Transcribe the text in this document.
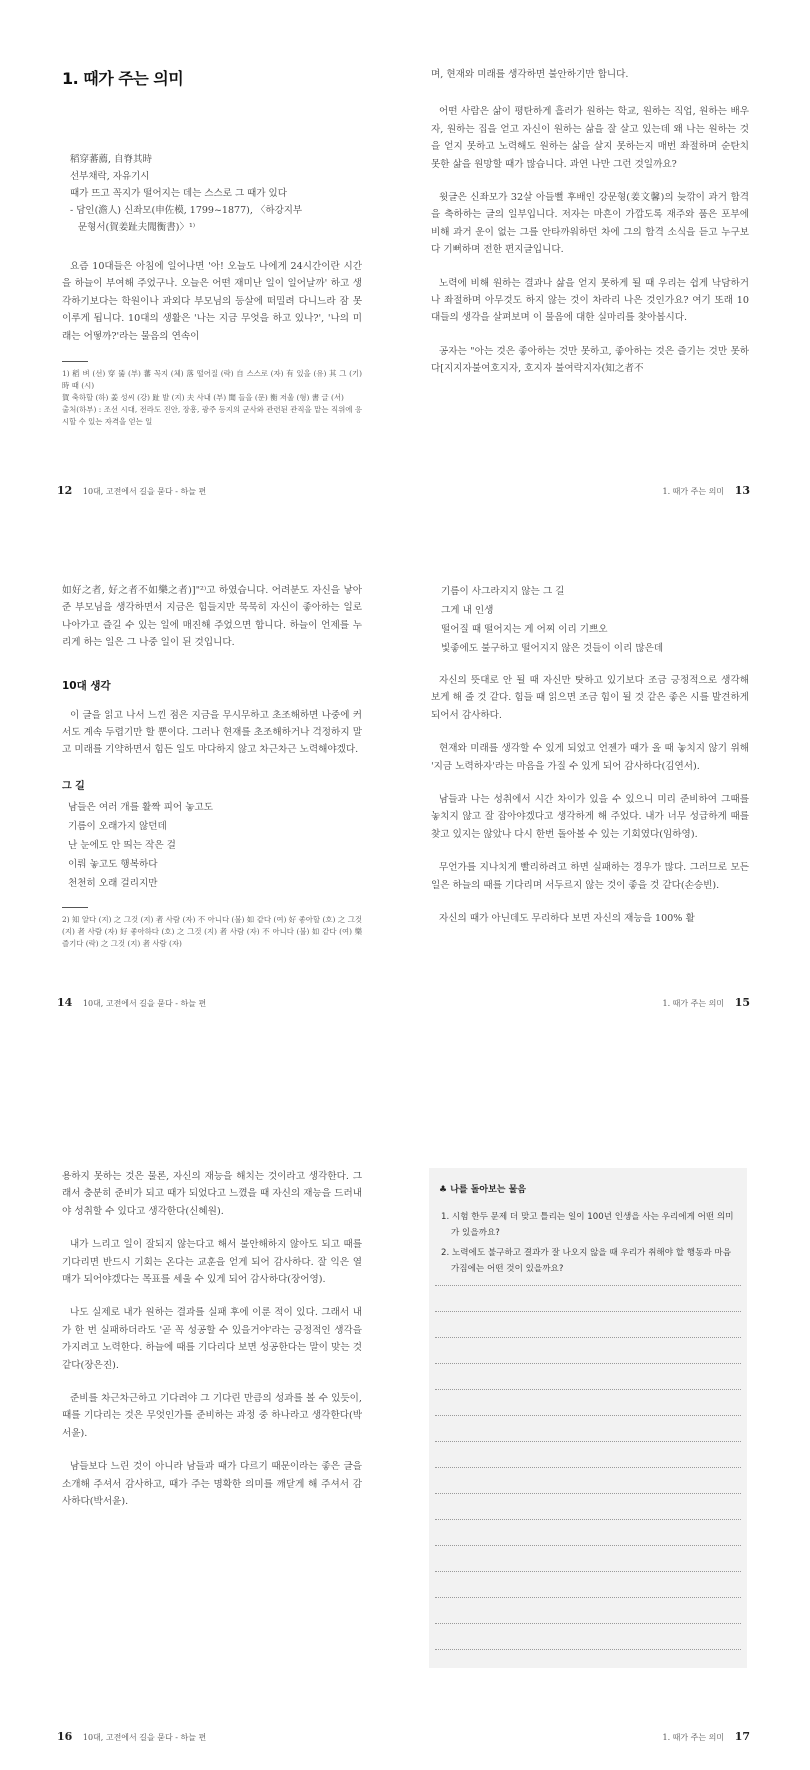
1. 때가 주는 의미
稻穿蕃薦, 自脊其時
선부채락, 자유기시
때가 뜨고 꼭지가 떨어지는 데는 스스로 그 때가 있다
- 담인(澹人) 신좌모(申佐模, 1799~1877), 〈하강지부
문형서(賀姜趾夫聞衡書)〉¹⁾

요즘 10대들은 아침에 일어나면 '아! 오늘도 나에게 24시간이란 시간을 하늘이 부여해 주었구나. 오늘은 어떤 재미난 일이 일어날까' 하고 생각하기보다는 학원이나 과외다 부모님의 등살에 떠밀려 다니느라 잠 못 이루게 됩니다. 10대의 생활은 '나는 지금 무엇을 하고 있나?', '나의 미래는 어떻까?'라는 물음의 연속이

1) 稻 벼 (선) 穿 뚫 (부) 蕃 꼭지 (체) 落 떨어질 (락) 自 스스로 (자) 有 있을 (유) 其 그 (기) 時 때 (시)

賀 축하할 (하) 姜 성씨 (강) 趾 발 (지) 夫 사내 (부) 聞 들을 (문) 衡 저울 (형) 書 글 (서)

출처(하부) : 조선 시대, 전라도 진안, 장흥, 광주 등지의 군사와 관련된 관직을 맡는 직위에 응시할 수 있는 자격을 얻는 일

12 10대, 고전에서 길을 묻다 - 하늘 편

며, 현재와 미래를 생각하면 불안하기만 합니다.

어떤 사람은 삶이 평탄하게 흘러가 원하는 학교, 원하는 직업, 원하는 배우자, 원하는 집을 얻고 자신이 원하는 삶을 잘 살고 있는데 왜 나는 원하는 것을 얻지 못하고 노력해도 원하는 삶을 살지 못하는지 매번 좌절하며 순탄치 못한 삶을 원망할 때가 많습니다. 과연 나만 그런 것일까요?

윗글은 신좌모가 32살 아들뻘 후배인 강문형(姜文馨)의 늦깎이 과거 합격을 축하하는 글의 일부입니다. 저자는 마흔이 가깝도록 재주와 품은 포부에 비해 과거 운이 없는 그를 안타까워하던 차에 그의 합격 소식을 듣고 누구보다 기뻐하며 전한 편지글입니다.

노력에 비해 원하는 결과나 삶을 얻지 못하게 될 때 우리는 쉽게 낙담하거나 좌절하며 아무것도 하지 않는 것이 차라리 나은 것인가요? 여기 또래 10대들의 생각을 살펴보며 이 물음에 대한 실마리를 찾아봅시다.

공자는 "아는 것은 좋아하는 것만 못하고, 좋아하는 것은 즐기는 것만 못하다[지지자불여호지자, 호지자 불여락지자(知之者不

1. 때가 주는 의미 13

如好之者, 好之者不如樂之者)]"²⁾고 하였습니다. 어려분도 자신을 낳아 준 부모님을 생각하면서 지금은 힘들지만 묵묵히 자신이 좋아하는 일로 나아가고 즐길 수 있는 일에 매진해 주었으면 합니다. 하늘이 언제를 누리게 하는 일은 그 나중 일이 된 것입니다.

10대 생각

이 글을 읽고 나서 느낀 점은 지금을 무시무하고 초조해하면 나중에 커서도 계속 두렵기만 할 뿐이다. 그러나 현재를 초조해하거나 걱정하지 말고 미래를 기약하면서 힘든 일도 마다하지 않고 차근차근 노력해야겠다.

그 길
남들은 여러 개를 활짝 피어 놓고도
기름이 오래가지 않던데
난 눈에도 안 띄는 작은 걸
이뤄 놓고도 행복하다
천천히 오래 걸리지만

2) 知 알다 (지) 之 그것 (지) 者 사람 (자) 不 아니다 (불) 如 같다 (여) 好 좋아할 (호) 之 그것 (지) 者 사람 (자) 好 좋아하다 (호) 之 그것 (지) 者 사람 (자) 不 아니다 (불) 如 같다 (여) 樂 즐기다 (락) 之 그것 (지) 者 사람 (자)

14 10대, 고전에서 길을 묻다 - 하늘 편
기름이 사그라지지 않는 그 길
그게 내 인생
떨어질 때 떨어지는 게 어찌 이리 기쁘오
빛좋에도 불구하고 떨어지지 않은 것들이 이리 많은데

자신의 뜻대로 안 될 때 자신만 탓하고 있기보다 조금 긍정적으로 생각해 보게 해 줄 것 같다. 힘들 때 읽으면 조금 힘이 될 것 같은 좋은 시를 발견하게 되어서 감사하다.

현재와 미래를 생각할 수 있게 되었고 언젠가 때가 올 때 놓치지 않기 위해 '지금 노력하자'라는 마음을 가질 수 있게 되어 감사하다(김연서).

남들과 나는 성취에서 시간 차이가 있을 수 있으니 미리 준비하여 그때를 놓치지 않고 잘 잡아야겠다고 생각하게 해 주었다. 내가 너무 성급하게 때를 찾고 있지는 않았나 다시 한번 돌아볼 수 있는 기회였다(임하영).

무언가를 지나치게 빨리하려고 하면 실패하는 경우가 많다. 그러므로 모든 일은 하늘의 때를 기다리며 서두르지 않는 것이 좋을 것 같다(손승빈).

자신의 때가 아닌데도 무리하다 보면 자신의 재능을 100% 활

1. 때가 주는 의미 15

용하지 못하는 것은 물론, 자신의 재능을 해치는 것이라고 생각한다. 그래서 충분히 준비가 되고 때가 되었다고 느꼈을 때 자신의 재능을 드러내야 성취할 수 있다고 생각한다(신혜원).

내가 느리고 일이 잘되지 않는다고 해서 불안해하지 않아도 되고 때를 기다리면 반드시 기회는 온다는 교훈을 얻게 되어 감사하다. 잘 익은 열매가 되어야겠다는 목표를 세울 수 있게 되어 감사하다(장어영).

나도 실제로 내가 원하는 결과를 실패 후에 이룬 적이 있다. 그래서 내가 한 번 실패하더라도 '곧 꼭 성공할 수 있을거야'라는 긍정적인 생각을 가지려고 노력한다. 하늘에 때를 기다리다 보면 성공한다는 말이 맞는 것 같다(장은진).

준비를 차근차근하고 기다려야 그 기다린 만큼의 성과를 볼 수 있듯이, 때를 기다리는 것은 무엇인가를 준비하는 과정 중 하나라고 생각한다(박서윤).

남들보다 느린 것이 아니라 남들과 때가 다르기 때문이라는 좋은 글을 소개해 주셔서 감사하고, 때가 주는 명확한 의미를 깨닫게 해 주셔서 감사하다(박서윤).

16 10대, 고전에서 길을 묻다 - 하늘 편
♣ 나를 돌아보는 물음
1. 시험 한두 문제 더 맞고 틀리는 일이 100년 인생을 사는 우리에게 어떤 의미가 있을까요?
2. 노력에도 불구하고 결과가 잘 나오지 않을 때 우리가 취해야 할 행동과 마음가짐에는 어떤 것이 있을까요?
1. 때가 주는 의미 17
